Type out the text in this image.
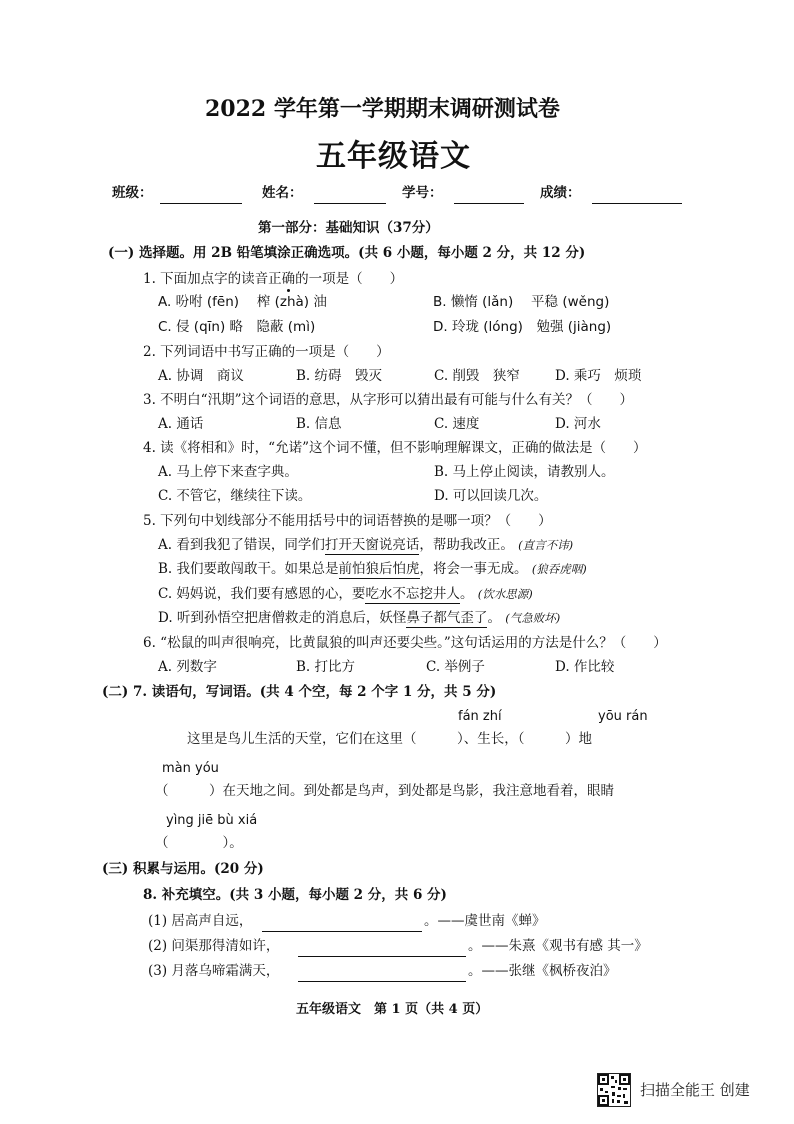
2022 学年第一学期期末调研测试卷
五年级语文
班级：	姓名：	学号：	成绩：
第一部分：基础知识（37分）
(一) 选择题。用 2B 铅笔填涂正确选项。(共 6 小题，每小题 2 分，共 12 分)
1. 下面加点字的读音正确的一项是（　　）
A. 吩咐 (fēn)　 榨 (zhà) 油	B. 懒惰 (lǎn)　 平稳 (wěng)
C. 侵 (qīn) 略　隐蔽 (mì)	D. 玲珑 (lóng)　勉强 (jiàng)
2. 下列词语中书写正确的一项是（　　）
A. 协调　商议	B. 纺碍　毁灭	C. 削毁　狭窄	D. 乘巧　烦琐
3. 不明白“汛期”这个词语的意思，从字形可以猜出最有可能与什么有关？（　　）
A. 通话	B. 信息	C. 速度	D. 河水
4. 读《将相和》时，“允诺”这个词不懂，但不影响理解课文，正确的做法是（　　）
A. 马上停下来查字典。	B. 马上停止阅读，请教别人。
C. 不管它，继续往下读。	D. 可以回读几次。
5. 下列句中划线部分不能用括号中的词语替换的是哪一项？（　　）
A. 看到我犯了错误，同学们打开天窗说亮话，帮助我改正。 (直言不讳)
B. 我们要敢闯敢干。如果总是前怕狼后怕虎，将会一事无成。 (狼吞虎咽)
C. 妈妈说，我们要有感恩的心，要吃水不忘挖井人。 (饮水思源)
D. 听到孙悟空把唐僧救走的消息后，妖怪鼻子都气歪了。 (气急败坏)
6. “松鼠的叫声很响亮，比黄鼠狼的叫声还要尖些。”这句话运用的方法是什么？（　　）
A. 列数字	B. 打比方	C. 举例子	D. 作比较
(二) 7. 读语句，写词语。(共 4 个空，每 2 个字 1 分，共 5 分)
fán zhí	yōu rán
这里是鸟儿生活的天堂，它们在这里（　　　）、生长，（　　　）地
màn yóu
（　　　）在天地之间。到处都是鸟声，到处都是鸟影，我注意地看着，眼睛
yìng jiē bù xiá
（　　　　）。
(三) 积累与运用。(20 分)
8. 补充填空。(共 3 小题，每小题 2 分，共 6 分)
(1) 居高声自远，	。——虞世南《蝉》
(2) 问渠那得清如许，	。——朱熹《观书有感 其一》
(3) 月落乌啼霜满天，	。——张继《枫桥夜泊》
五年级语文　第 1 页（共 4 页）
扫描全能王 创建
